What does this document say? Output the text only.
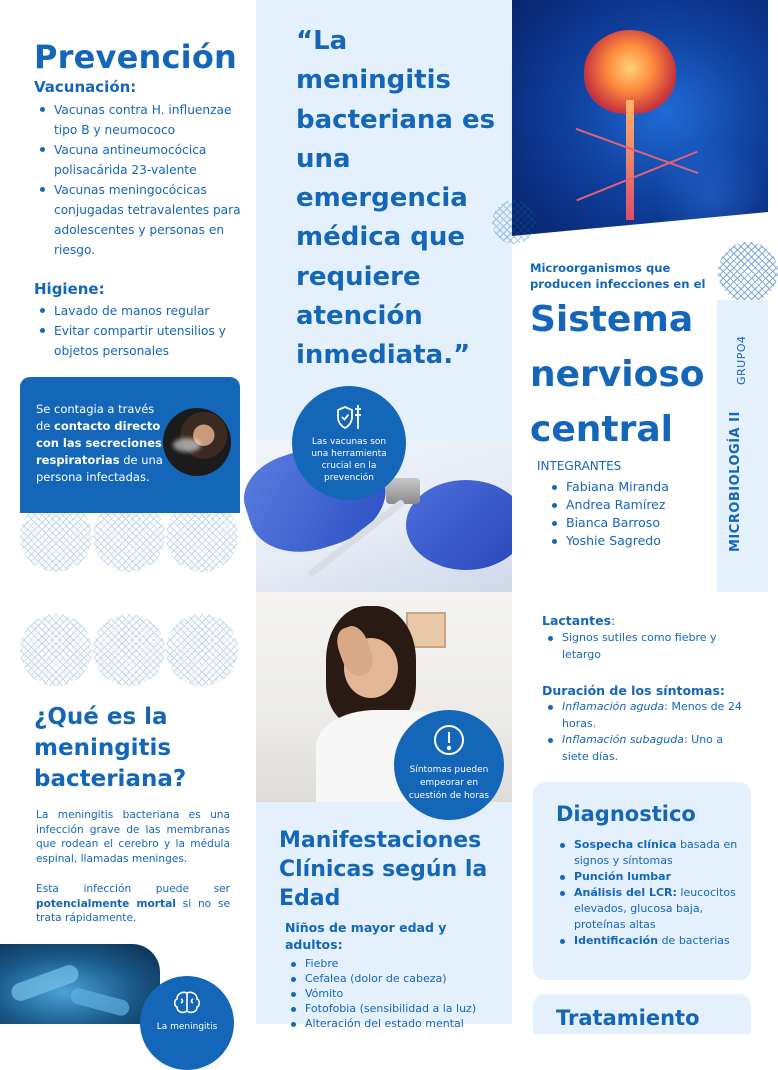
Prevención
Vacunación:
Vacunas contra H. influenzae tipo B y neumococo
Vacuna antineumocócica polisacárida 23-valente
Vacunas meningocócicas conjugadas tetravalentes para adolescentes y personas en riesgo.
Higiene:
Lavado de manos regular
Evitar compartir utensilios y objetos personales

Se contagia a través de contacto directo con las secreciones respiratorias de una persona infectadas.

“La meningitis bacteriana es una emergencia médica que requiere atención inmediata.”

Las vacunas son una herramienta crucial en la prevención

Microorganismos que producen infecciones en el

Sistema nervioso central

INTEGRANTES

Fabiana Miranda
Andrea Ramírez
Bianca Barroso
Yoshie Sagredo	MICROBIOLOGÍA II
GRUPO4
¿Qué es la meningitis bacteriana?

La meningitis bacteriana es una infección grave de las membranas que rodean el cerebro y la médula espinal, llamadas meninges.

Esta infección puede ser potencialmente mortal si no se trata rápidamente.

La meningitis
Síntomas pueden empeorar en cuestión de horas
Manifestaciones Clínicas según la Edad
Niños de mayor edad y adultos:
Fiebre
Cefalea (dolor de cabeza)
Vómito
Fotofobia (sensibilidad a la luz)
Alteración del estado mental
Lactantes:
Signos sutiles como fiebre y letargo
Duración de los síntomas:
Inflamación aguda: Menos de 24 horas.
Inflamación subaguda: Uno a siete días.
Diagnostico
Sospecha clínica basada en signos y síntomas
Punción lumbar
Análisis del LCR: leucocitos elevados, glucosa baja, proteínas altas
Identificación de bacterias
Tratamiento
